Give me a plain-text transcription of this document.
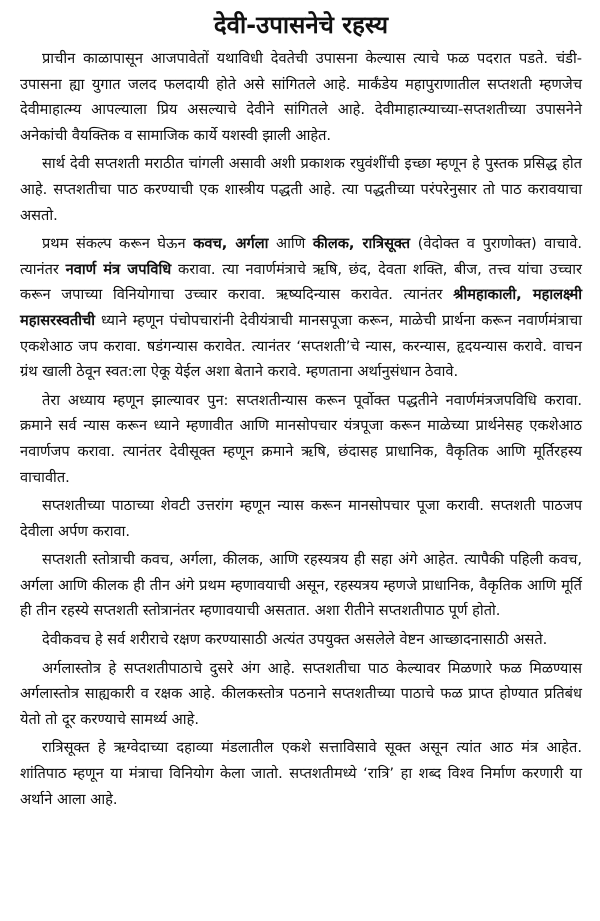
देवी-उपासनेचे रहस्य

प्राचीन काळापासून आजपावेतों यथाविधी देवतेची उपासना केल्यास त्याचे फळ पदरात पडते. चंडी-उपासना ह्या युगात जलद फलदायी होते असे सांगितले आहे. मार्कंडेय महापुराणातील सप्तशती म्हणजेच देवीमाहात्म्य आपल्याला प्रिय असल्याचे देवीने सांगितले आहे. देवीमाहात्म्याच्या-सप्तशतीच्या उपासनेने अनेकांची वैयक्तिक व सामाजिक कार्ये यशस्वी झाली आहेत.

सार्थ देवी सप्तशती मराठीत चांगली असावी अशी प्रकाशक रघुवंशींची इच्छा म्हणून हे पुस्तक प्रसिद्ध होत आहे. सप्तशतीचा पाठ करण्याची एक शास्त्रीय पद्धती आहे. त्या पद्धतीच्या परंपरेनुसार तो पाठ करावयाचा असतो.

प्रथम संकल्प करून घेऊन कवच, अर्गला आणि कीलक, रात्रिसूक्त (वेदोक्त व पुराणोक्त) वाचावे. त्यानंतर नवार्ण मंत्र जपविधि करावा. त्या नवार्णमंत्राचे ऋषि, छंद, देवता शक्ति, बीज, तत्त्व यांचा उच्चार करून जपाच्या विनियोगाचा उच्चार करावा. ऋष्यदिन्यास करावेत. त्यानंतर श्रीमहाकाली, महालक्ष्मी महासरस्वतीची ध्याने म्हणून पंचोपचारांनी देवीयंत्राची मानसपूजा करून, माळेची प्रार्थना करून नवार्णमंत्राचा एकशेआठ जप करावा. षडंगन्यास करावेत. त्यानंतर ‘सप्तशती’चे न्यास, करन्यास, हृदयन्यास करावे. वाचन ग्रंथ खाली ठेवून स्वत:ला ऐकू येईल अशा बेताने करावे. म्हणताना अर्थानुसंधान ठेवावे.

तेरा अध्याय म्हणून झाल्यावर पुन: सप्तशतीन्यास करून पूर्वोक्त पद्धतीने नवार्णमंत्रजपविधि करावा. क्रमाने सर्व न्यास करून ध्याने म्हणावीत आणि मानसोपचार यंत्रपूजा करून माळेच्या प्रार्थनेसह एकशेआठ नवार्णजप करावा. त्यानंतर देवीसूक्त म्हणून क्रमाने ऋषि, छंदासह प्राधानिक, वैकृतिक आणि मूर्तिरहस्य वाचावीत.

सप्तशतीच्या पाठाच्या शेवटी उत्तरांग म्हणून न्यास करून मानसोपचार पूजा करावी. सप्तशती पाठजप देवीला अर्पण करावा.

सप्तशती स्तोत्राची कवच, अर्गला, कीलक, आणि रहस्यत्रय ही सहा अंगे आहेत. त्यापैकी पहिली कवच, अर्गला आणि कीलक ही तीन अंगे प्रथम म्हणावयाची असून, रहस्यत्रय म्हणजे प्राधानिक, वैकृतिक आणि मूर्ति ही तीन रहस्ये सप्तशती स्तोत्रानंतर म्हणावयाची असतात. अशा रीतीने सप्तशतीपाठ पूर्ण होतो.

देवीकवच हे सर्व शरीराचे रक्षण करण्यासाठी अत्यंत उपयुक्त असलेले वेष्टन आच्छादनासाठी असते.

अर्गलास्तोत्र हे सप्तशतीपाठाचे दुसरे अंग आहे. सप्तशतीचा पाठ केल्यावर मिळणारे फळ मिळण्यास अर्गलास्तोत्र साह्यकारी व रक्षक आहे. कीलकस्तोत्र पठनाने सप्तशतीच्या पाठाचे फळ प्राप्त होण्यात प्रतिबंध येतो तो दूर करण्याचे सामर्थ्य आहे.

रात्रिसूक्त हे ऋग्वेदाच्या दहाव्या मंडलातील एकशे सत्ताविसावे सूक्त असून त्यांत आठ मंत्र आहेत. शांतिपाठ म्हणून या मंत्राचा विनियोग केला जातो. सप्तशतीमध्ये ‘रात्रि’ हा शब्द विश्व निर्माण करणारी या अर्थाने आला आहे.
